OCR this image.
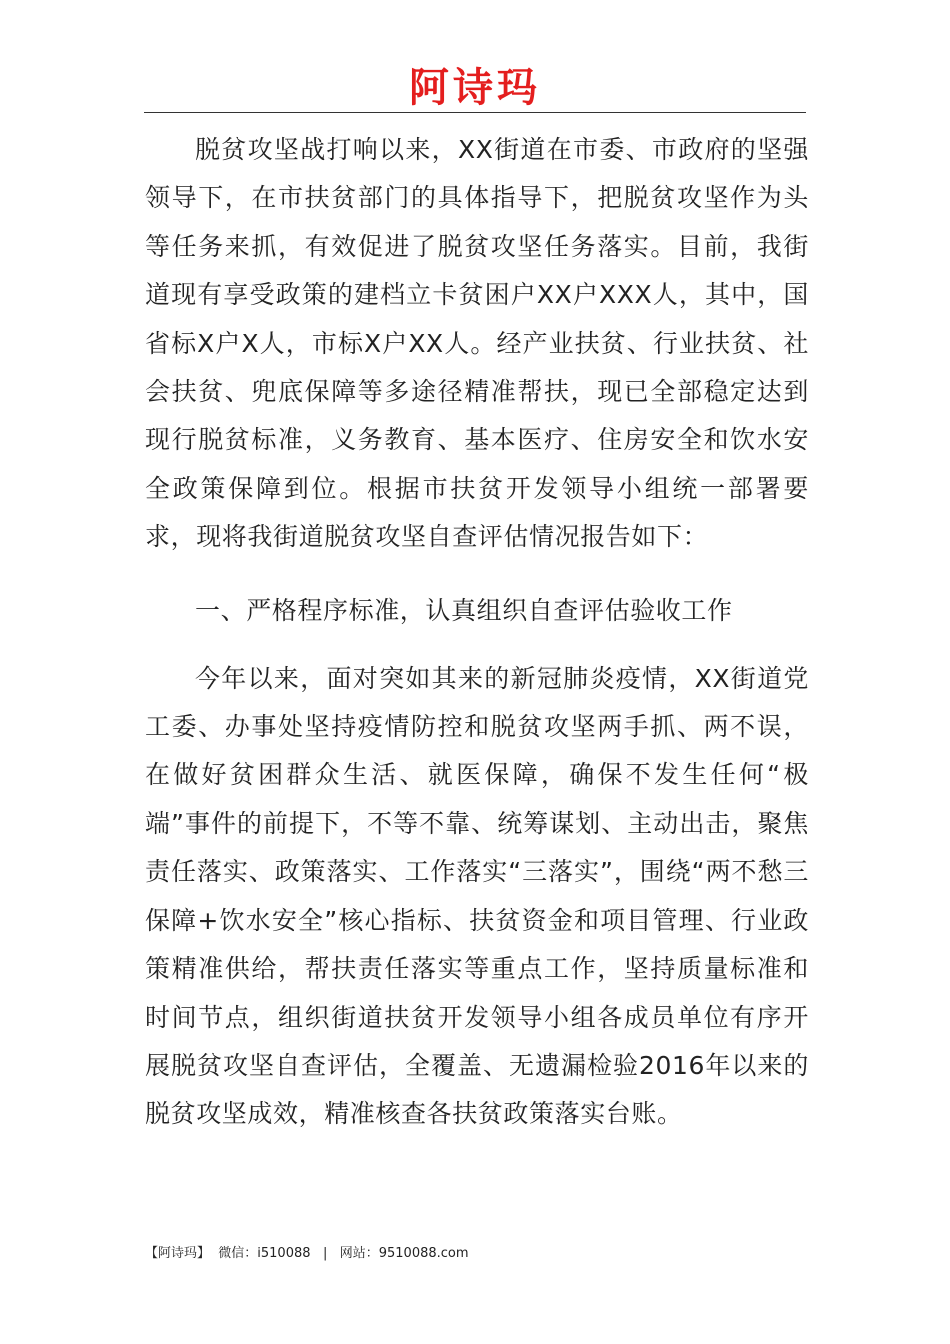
阿诗玛

脱贫攻坚战打响以来，XX街道在市委、市政府的坚强领导下，在市扶贫部门的具体指导下，把脱贫攻坚作为头等任务来抓，有效促进了脱贫攻坚任务落实。目前，我街道现有享受政策的建档立卡贫困户XX户XXX人，其中，国省标X户X人，市标X户XX人。经产业扶贫、行业扶贫、社会扶贫、兜底保障等多途径精准帮扶，现已全部稳定达到现行脱贫标准，义务教育、基本医疗、住房安全和饮水安全政策保障到位。根据市扶贫开发领导小组统一部署要求，现将我街道脱贫攻坚自查评估情况报告如下：

一、严格程序标准，认真组织自查评估验收工作

今年以来，面对突如其来的新冠肺炎疫情，XX街道党工委、办事处坚持疫情防控和脱贫攻坚两手抓、两不误，在做好贫困群众生活、就医保障，确保不发生任何“极端”事件的前提下，不等不靠、统筹谋划、主动出击，聚焦责任落实、政策落实、工作落实“三落实”，围绕“两不愁三保障+饮水安全”核心指标、扶贫资金和项目管理、行业政策精准供给，帮扶责任落实等重点工作，坚持质量标准和时间节点，组织街道扶贫开发领导小组各成员单位有序开展脱贫攻坚自查评估，全覆盖、无遗漏检验2016年以来的脱贫攻坚成效，精准核查各扶贫政策落实台账。

【阿诗玛】 微信：i510088 | 网站：9510088.com
